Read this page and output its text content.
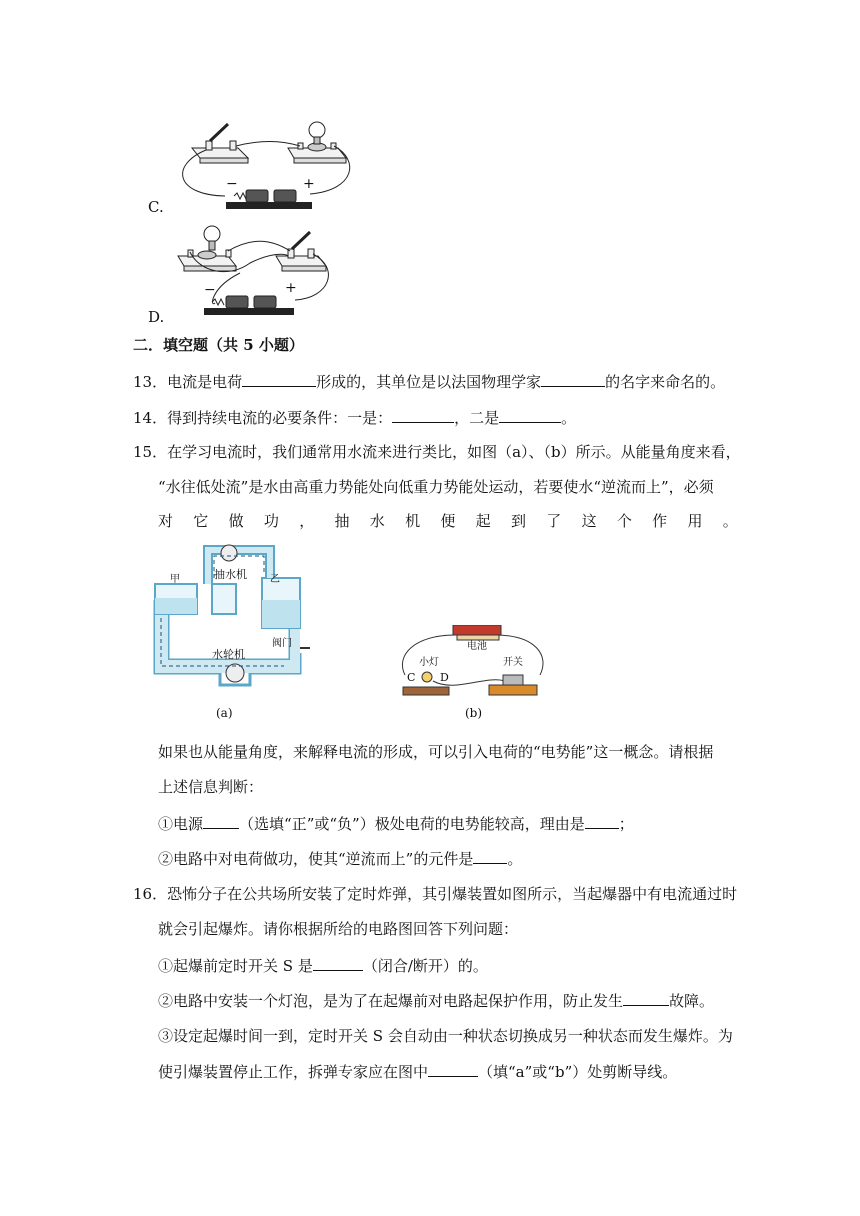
−	+
C.
−	+
D.
二．填空题（共 5 小题）
13．电流是电荷	形成的，其单位是以法国物理学家	的名字来命名的。
14．得到持续电流的必要条件：一是：	，二是	。
15．在学习电流时，我们通常用水流来进行类比，如图（a）、（b）所示。从能量角度来看，
“水往低处流”是水由高重力势能处向低重力势能处运动，若要使水“逆流而上”，必须
对 它 做 功 ， 抽 水 机 便 起 到 了 这 个 作 用 。
甲	乙
抽水机
水轮机
阀门
(a)
电池
小灯	开关
C D
(b)
如果也从能量角度，来解释电流的形成，可以引入电荷的“电势能”这一概念。请根据
上述信息判断：
①电源 （选填“正”或“负”）极处电荷的电势能较高，理由是 ；
②电路中对电荷做功，使其“逆流而上”的元件是 。
16．恐怖分子在公共场所安装了定时炸弹，其引爆装置如图所示，当起爆器中有电流通过时
就会引起爆炸。请你根据所给的电路图回答下列问题：
①起爆前定时开关 S 是	（闭合/断开）的。
②电路中安装一个灯泡，是为了在起爆前对电路起保护作用，防止发生	故障。
③设定起爆时间一到，定时开关 S 会自动由一种状态切换成另一种状态而发生爆炸。为
使引爆装置停止工作，拆弹专家应在图中	（填“a”或“b”）处剪断导线。
